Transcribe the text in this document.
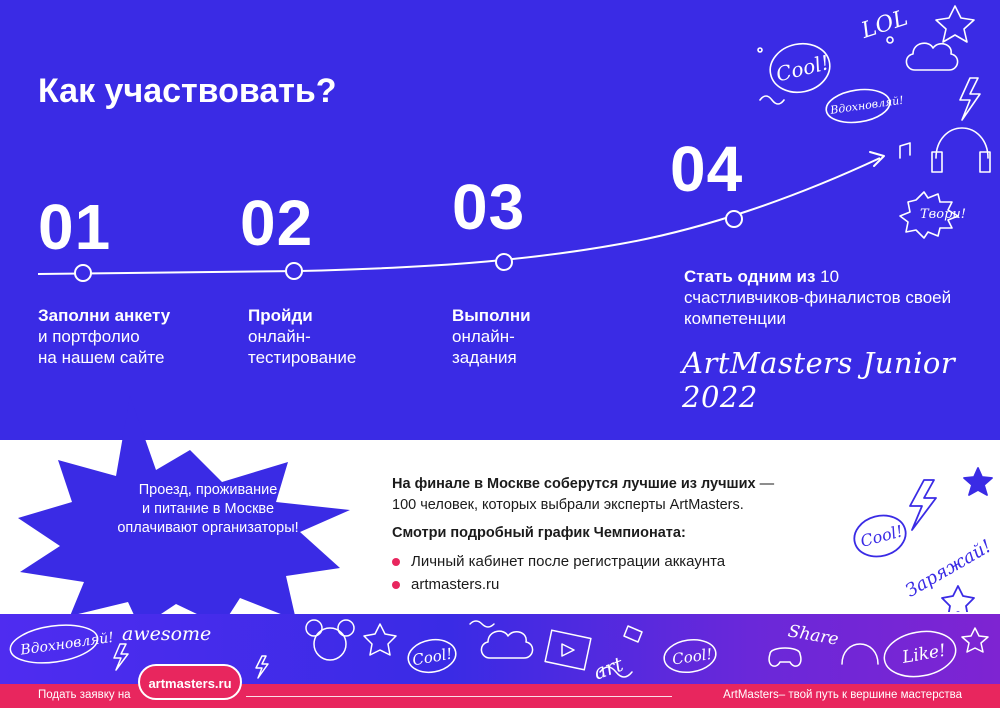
Как участвовать?
01 02 03
04
Заполни анкету
и портфолио
на нашем сайте
Пройди
онлайн-
тестирование
Выполни
онлайн-
задания
Стать одним из 10 счастливчиков-финалистов своей компетенции
ArtMasters Junior 2022
Cool!
LOL
Вдохновляй!
Твори!
Проезд, проживание
и питание в Москве
оплачивают организаторы!

На финале в Москве соберутся лучшие из лучших —

100 человек, которых выбрали эксперты ArtMasters.

Смотри подробный график Чемпионата:

Личный кабинет после регистрации аккаунта
artmasters.ru
Cool!
Заряжай!
Вдохновляй! awesome
Cool!	art	Cool!
Share
Like!
Подать заявку на	ArtMasters– твой путь к вершине мастерства
artmasters.ru
